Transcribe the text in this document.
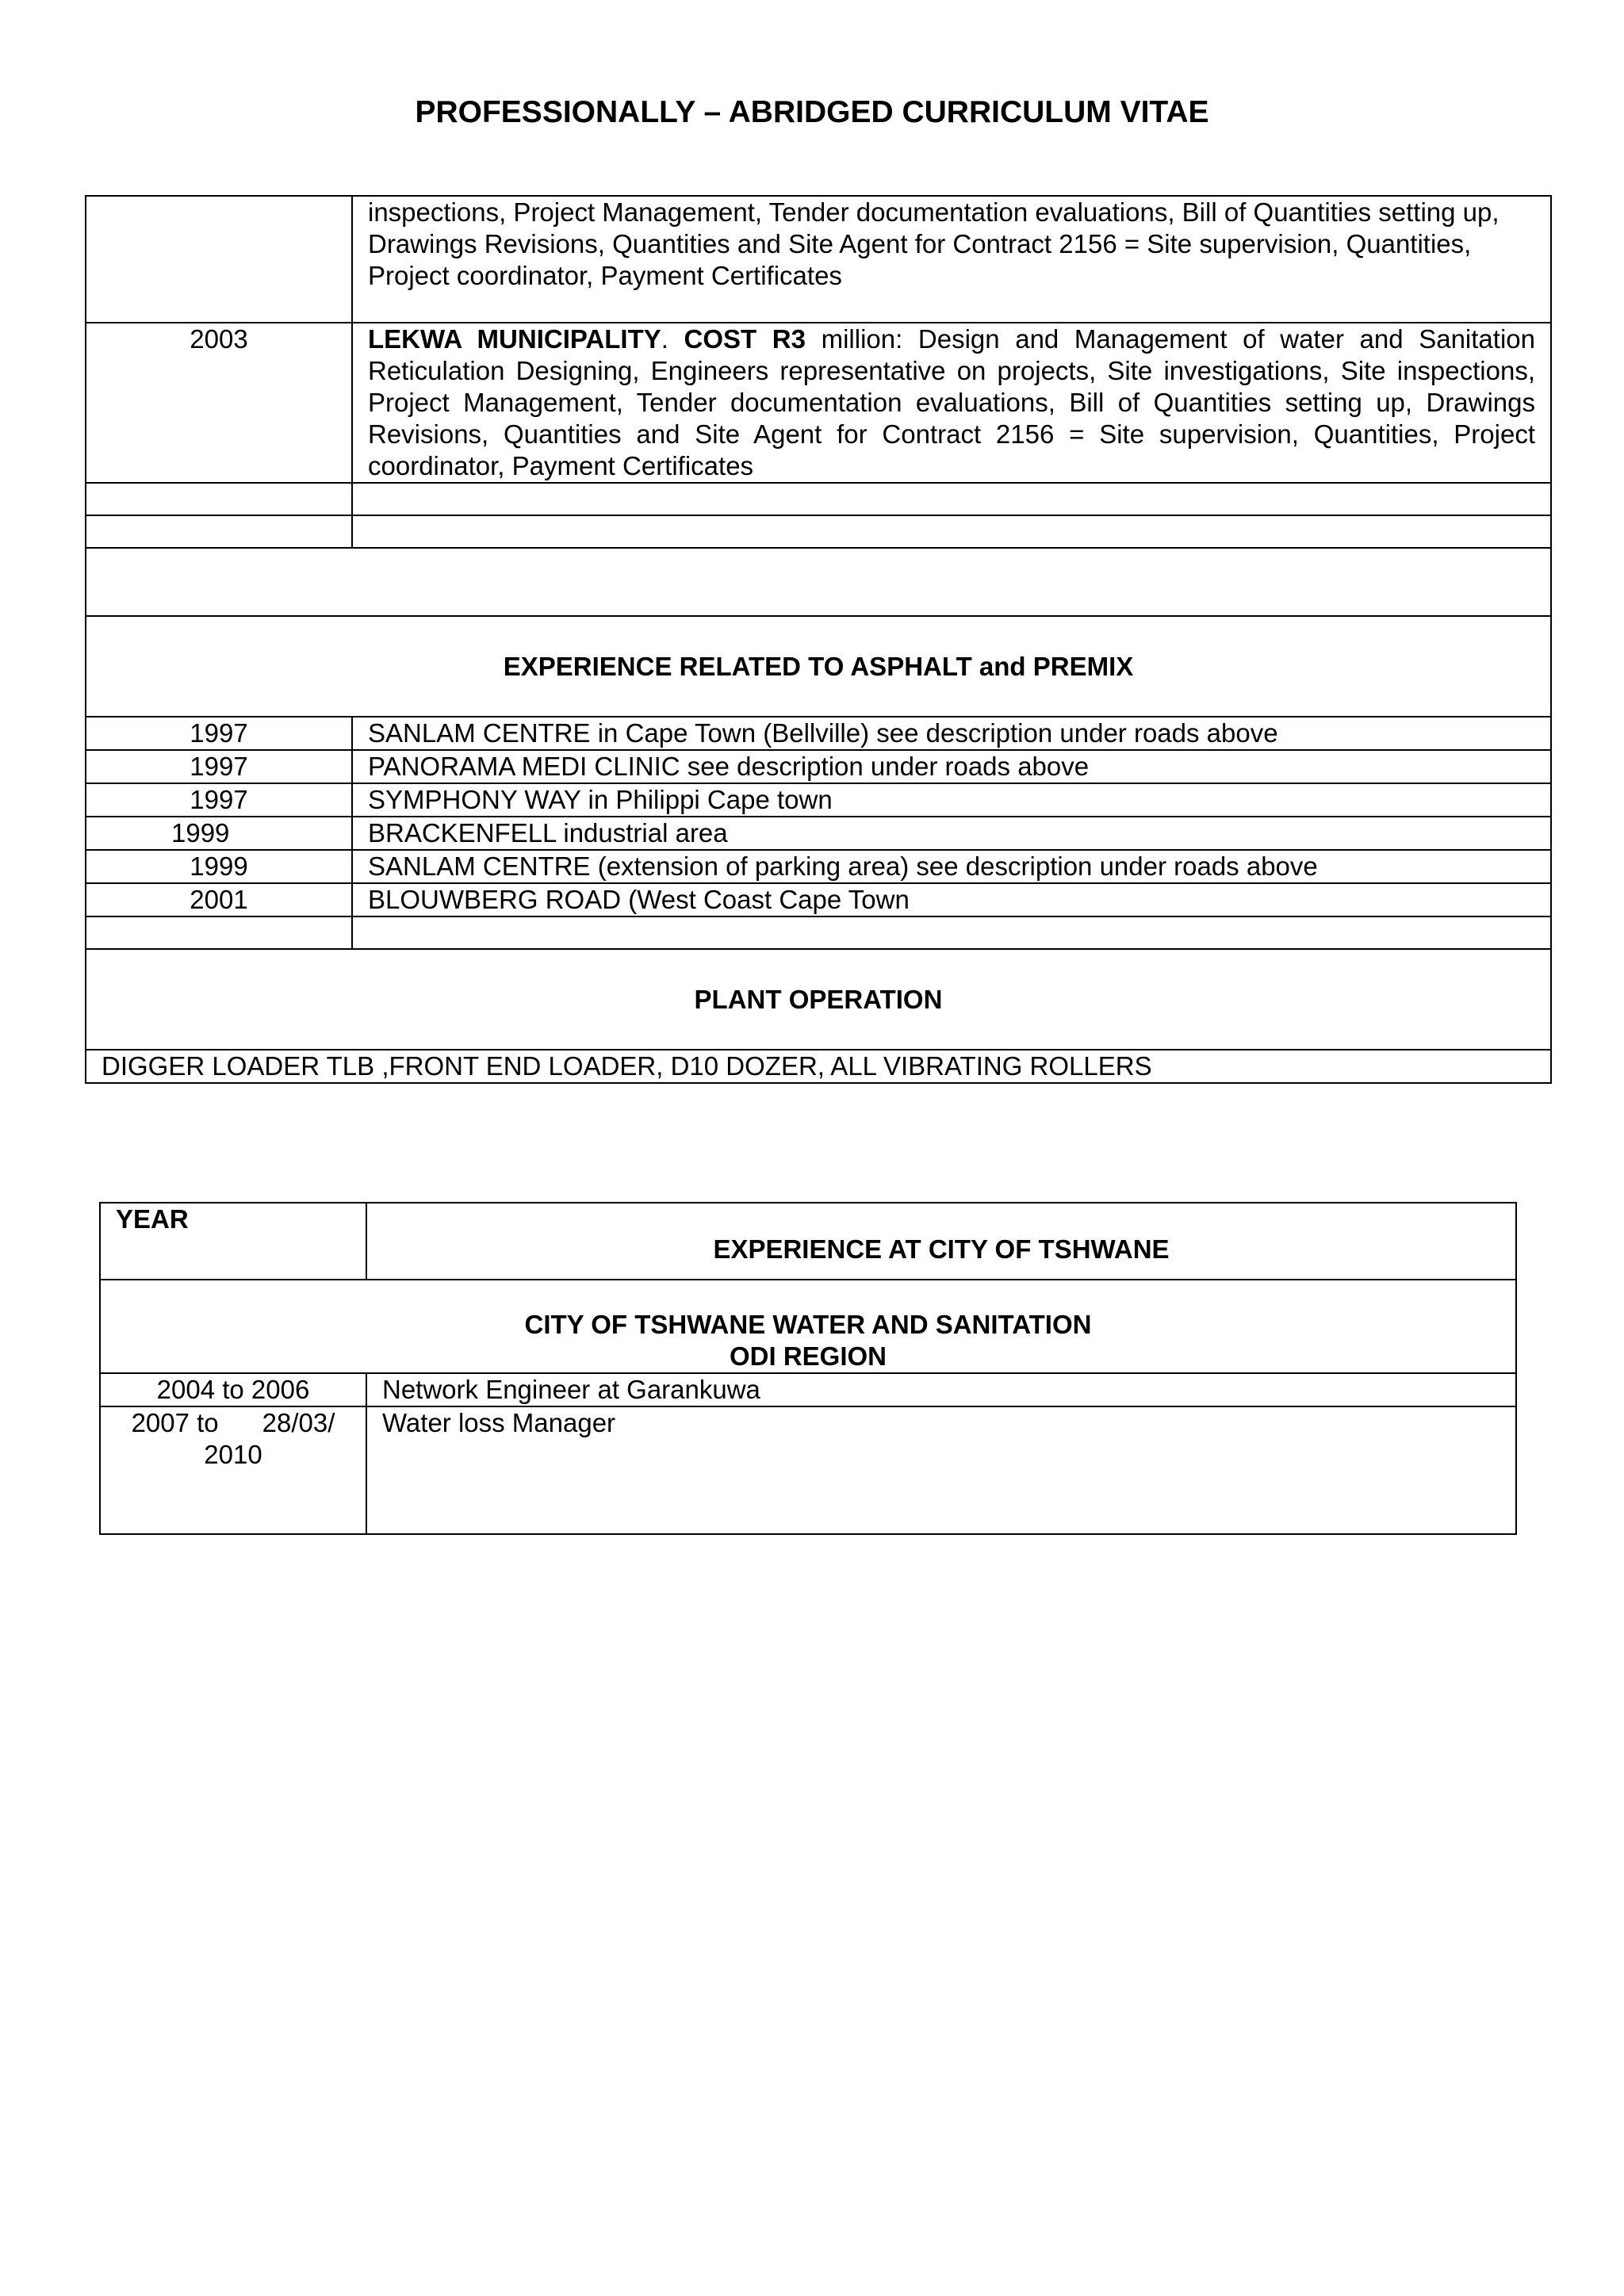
PROFESSIONALLY – ABRIDGED CURRICULUM VITAE
	inspections, Project Management, Tender documentation evaluations, Bill of Quantities setting up, Drawings Revisions, Quantities and Site Agent for Contract 2156 = Site supervision, Quantities, Project coordinator, Payment Certificates
2003	LEKWA MUNICIPALITY. COST R3 million: Design and Management of water and Sanitation Reticulation Designing, Engineers representative on projects, Site investigations, Site inspections, Project Management, Tender documentation evaluations, Bill of Quantities setting up, Drawings Revisions, Quantities and Site Agent for Contract 2156 = Site supervision, Quantities, Project coordinator, Payment Certificates

EXPERIENCE RELATED TO ASPHALT and PREMIX	
1997	SANLAM CENTRE in Cape Town (Bellville) see description under roads above
1997	PANORAMA MEDI CLINIC see description under roads above
1997	SYMPHONY WAY in Philippi Cape town
1999	BRACKENFELL industrial area
1999	SANLAM CENTRE (extension of parking area) see description under roads above
2001	BLOUWBERG ROAD (West Coast Cape Town

PLANT OPERATION	
DIGGER LOADER TLB ,FRONT END LOADER, D10 DOZER, ALL VIBRATING ROLLERS	
YEAR	EXPERIENCE AT CITY OF TSHWANE

CITY OF TSHWANE WATER AND SANITATION
ODI REGION	

2004 to 2006	Network Engineer at Garankuwa

2007 to      28/03/
2010	Water loss Manager
